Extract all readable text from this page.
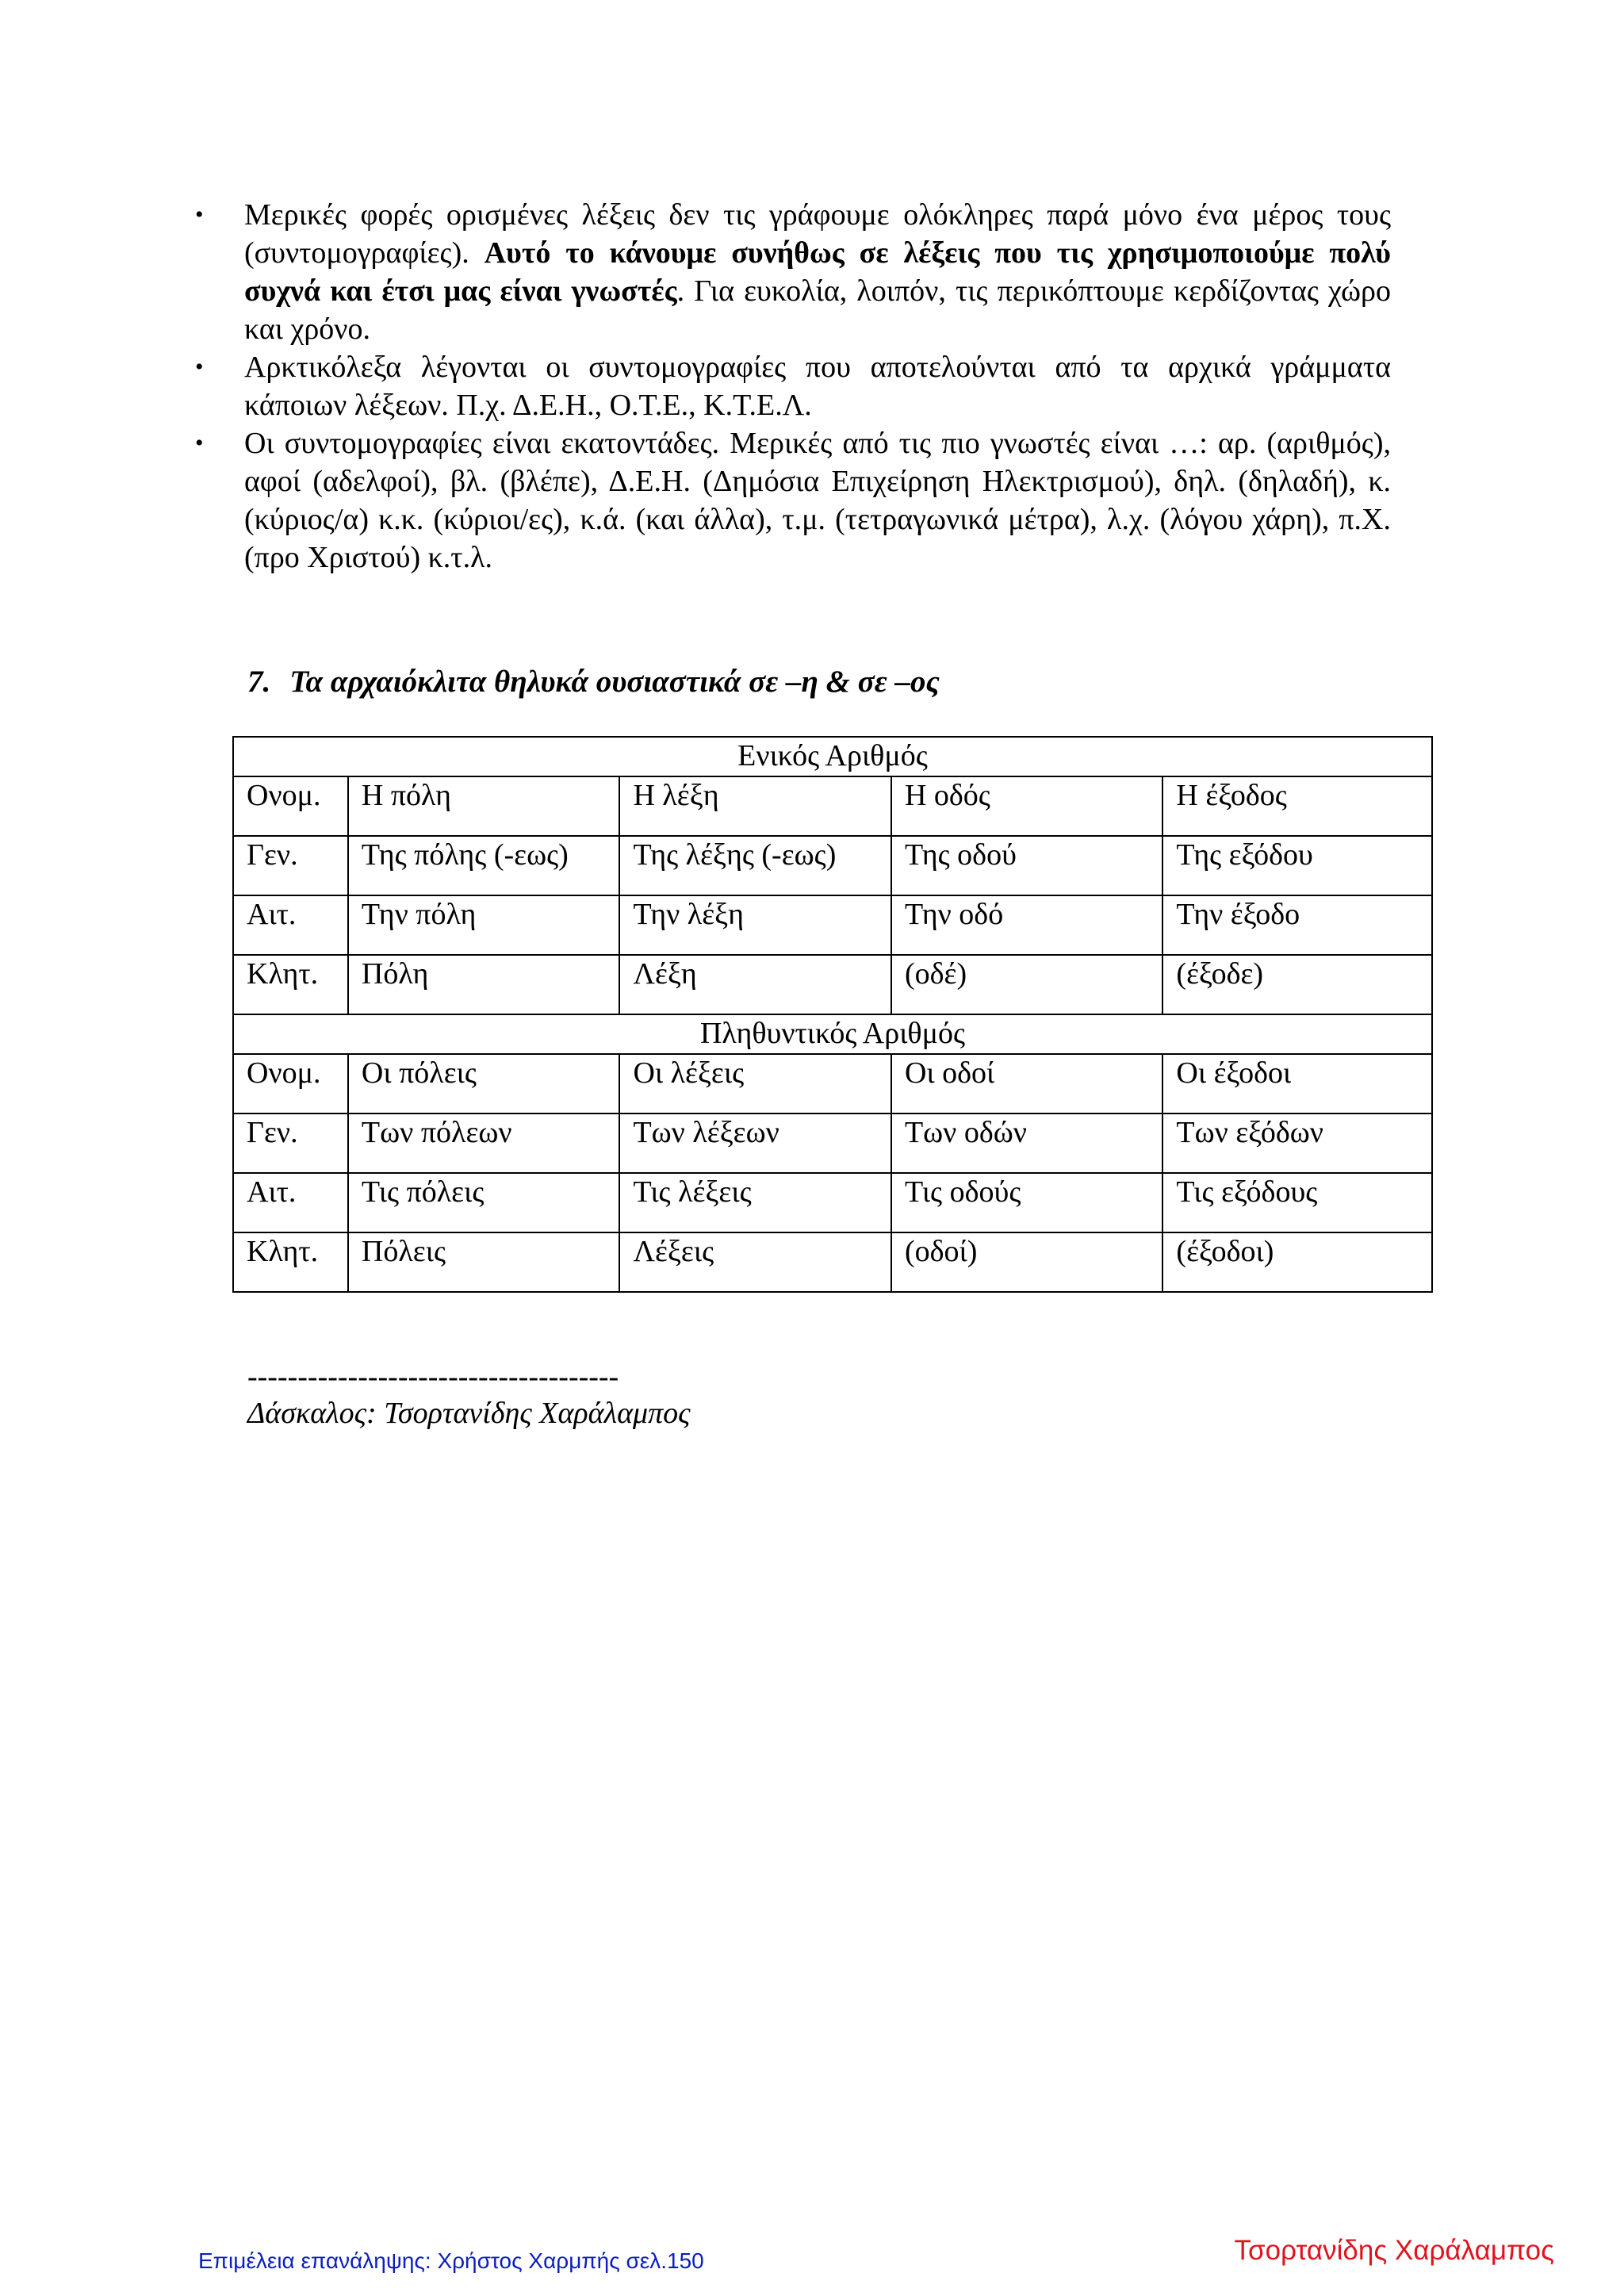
• Μερικές φορές ορισμένες λέξεις δεν τις γράφουμε ολόκληρες παρά μόνο ένα μέρος τους (συντομογραφίες). Αυτό το κάνουμε συνήθως σε λέξεις που τις χρησιμοποιούμε πολύ συχνά και έτσι μας είναι γνωστές. Για ευκολία, λοιπόν, τις περικόπτουμε κερδίζοντας χώρο και χρόνο.

• Αρκτικόλεξα λέγονται οι συντομογραφίες που αποτελούνται από τα αρχικά γράμματα κάποιων λέξεων. Π.χ. Δ.Ε.Η., Ο.Τ.Ε., Κ.Τ.Ε.Λ.

• Οι συντομογραφίες είναι εκατοντάδες. Μερικές από τις πιο γνωστές είναι …: αρ. (αριθμός), αφοί (αδελφοί), βλ. (βλέπε), Δ.Ε.Η. (Δημόσια Επιχείρηση Ηλεκτρισμού), δηλ. (δηλαδή), κ. (κύριος/α) κ.κ. (κύριοι/ες), κ.ά. (και άλλα), τ.μ. (τετραγωνικά μέτρα), λ.χ. (λόγου χάρη), π.Χ. (προ Χριστού) κ.τ.λ.

7. Τα αρχαιόκλιτα θηλυκά ουσιαστικά σε –η & σε –ος
Ενικός Αριθμός				
Ονομ.	Η πόλη	Η λέξη	Η οδός	Η έξοδος
Γεν.	Της πόλης (-εως)	Της λέξης (-εως)	Της οδού	Της εξόδου
Αιτ.	Την πόλη	Την λέξη	Την οδό	Την έξοδο
Κλητ.	Πόλη	Λέξη	(οδέ)	(έξοδε)
Πληθυντικός Αριθμός				
Ονομ.	Οι πόλεις	Οι λέξεις	Οι οδοί	Οι έξοδοι
Γεν.	Των πόλεων	Των λέξεων	Των οδών	Των εξόδων
Αιτ.	Τις πόλεις	Τις λέξεις	Τις οδούς	Τις εξόδους
Κλητ.	Πόλεις	Λέξεις	(οδοί)	(έξοδοι)
-------------------------------------
Δάσκαλος: Τσορτανίδης Χαράλαμπος
Επιμέλεια επανάληψης: Χρήστος Χαρμπής σελ.150	Τσορτανίδης Χαράλαμπος
